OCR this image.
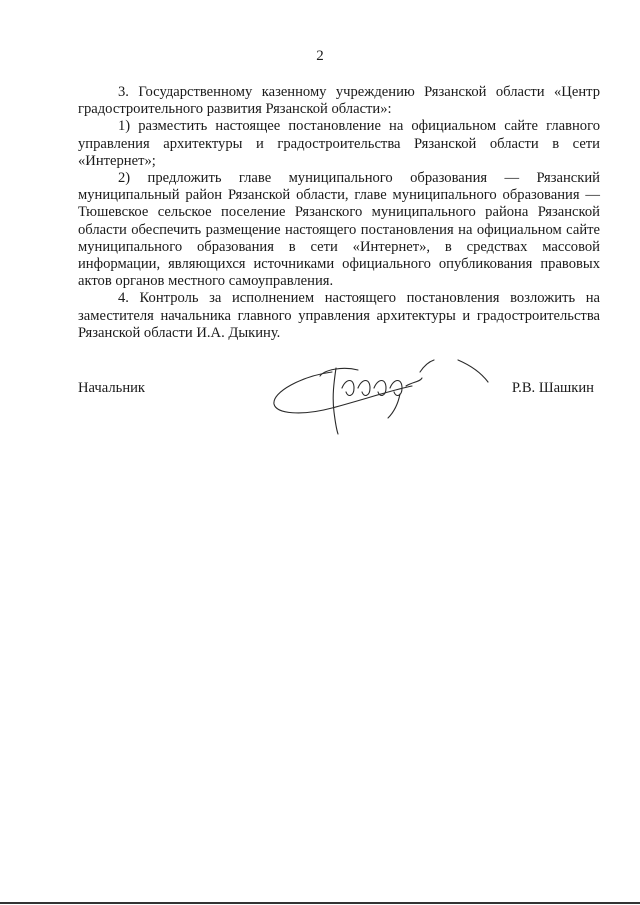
2

3. Государственному казенному учреждению Рязанской области «Центр градостроительного развития Рязанской области»:

1) разместить настоящее постановление на официальном сайте главного управления архитектуры и градостроительства Рязанской области в сети «Интернет»;

2) предложить главе муниципального образования — Рязанский муниципальный район Рязанской области, главе муниципального образования — Тюшевское сельское поселение Рязанского муниципального района Рязанской области обеспечить размещение настоящего постановления на официальном сайте муниципального образования в сети «Интернет», в средствах массовой информации, являющихся источниками официального опубликования правовых актов органов местного самоуправления.

4. Контроль за исполнением настоящего постановления возложить на заместителя начальника главного управления архитектуры и градостроительства Рязанской области И.А. Дыкину.

Начальник	Р.В. Шашкин
